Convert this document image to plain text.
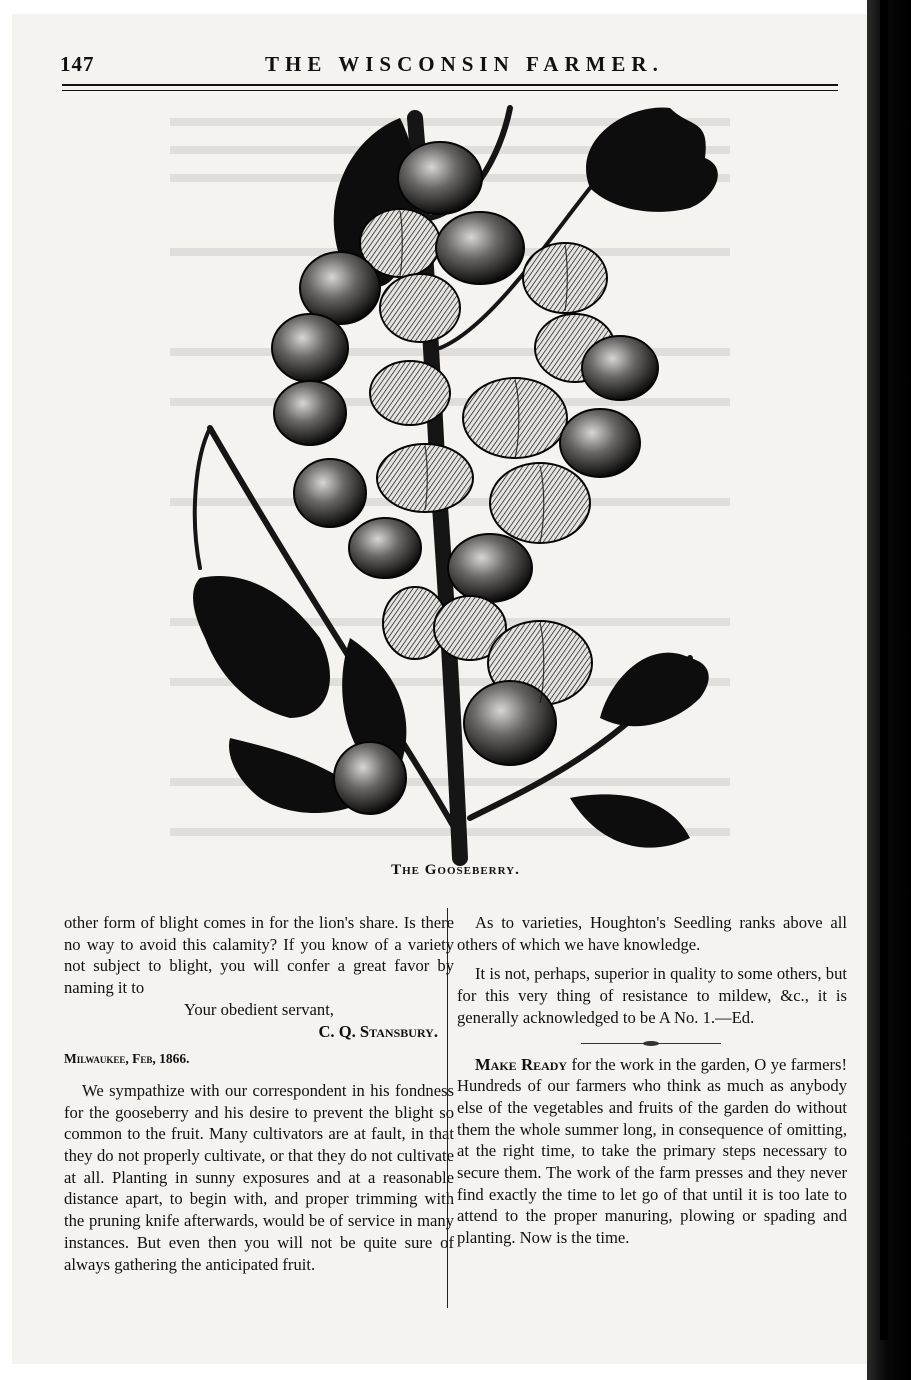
147	THE WISCONSIN FARMER.
The Gooseberry.

other form of blight comes in for the lion's share. Is there no way to avoid this calamity? If you know of a variety not subject to blight, you will confer a great favor by naming it to

Your obedient servant,

C. Q. Stansbury.

Milwaukee, Feb, 1866.

We sympathize with our correspondent in his fondness for the gooseberry and his desire to prevent the blight so common to the fruit. Many cultivators are at fault, in that they do not properly cultivate, or that they do not cultivate at all. Planting in sunny exposures and at a reasonable distance apart, to begin with, and proper trimming with the pruning knife afterwards, would be of service in many instances. But even then you will not be quite sure of always gathering the anticipated fruit.

As to varieties, Houghton's Seedling ranks above all others of which we have knowledge.

It is not, perhaps, superior in quality to some others, but for this very thing of resistance to mildew, &c., it is generally acknowledged to be A No. 1.—Ed.

Make Ready for the work in the garden, O ye farmers! Hundreds of our farmers who think as much as anybody else of the vegetables and fruits of the garden do without them the whole summer long, in consequence of omitting, at the right time, to take the primary steps necessary to secure them. The work of the farm presses and they never find exactly the time to let go of that until it is too late to attend to the proper manuring, plowing or spading and planting. Now is the time.
